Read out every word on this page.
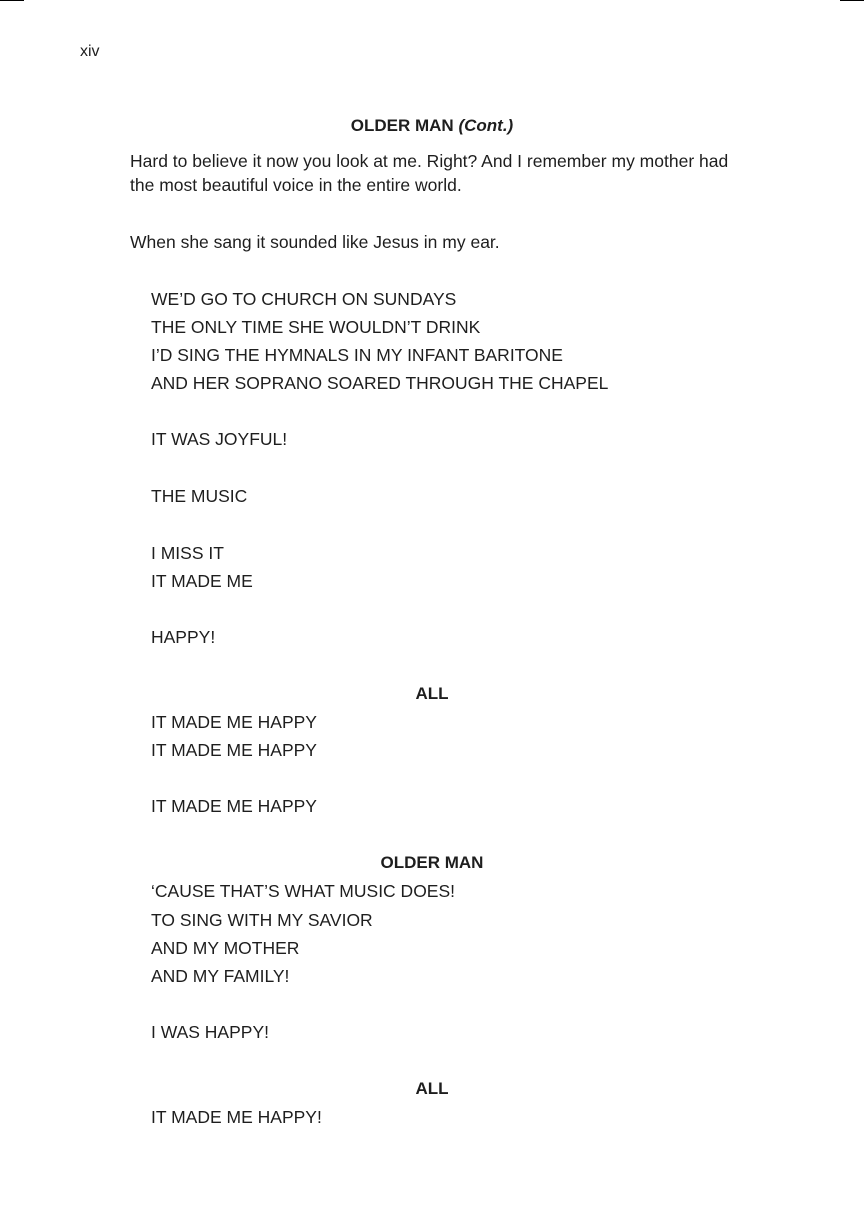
xiv
OLDER MAN (Cont.)
Hard to believe it now you look at me. Right? And I remember my mother had the most beautiful voice in the entire world.
When she sang it sounded like Jesus in my ear.
WE’D GO TO CHURCH ON SUNDAYS
THE ONLY TIME SHE WOULDN’T DRINK
I’D SING THE HYMNALS IN MY INFANT BARITONE
AND HER SOPRANO SOARED THROUGH THE CHAPEL
IT WAS JOYFUL!
THE MUSIC
I MISS IT
IT MADE ME
HAPPY!
ALL
IT MADE ME HAPPY
IT MADE ME HAPPY
IT MADE ME HAPPY
OLDER MAN
‘CAUSE THAT’S WHAT MUSIC DOES!
TO SING WITH MY SAVIOR
AND MY MOTHER
AND MY FAMILY!
I WAS HAPPY!
ALL
IT MADE ME HAPPY!
